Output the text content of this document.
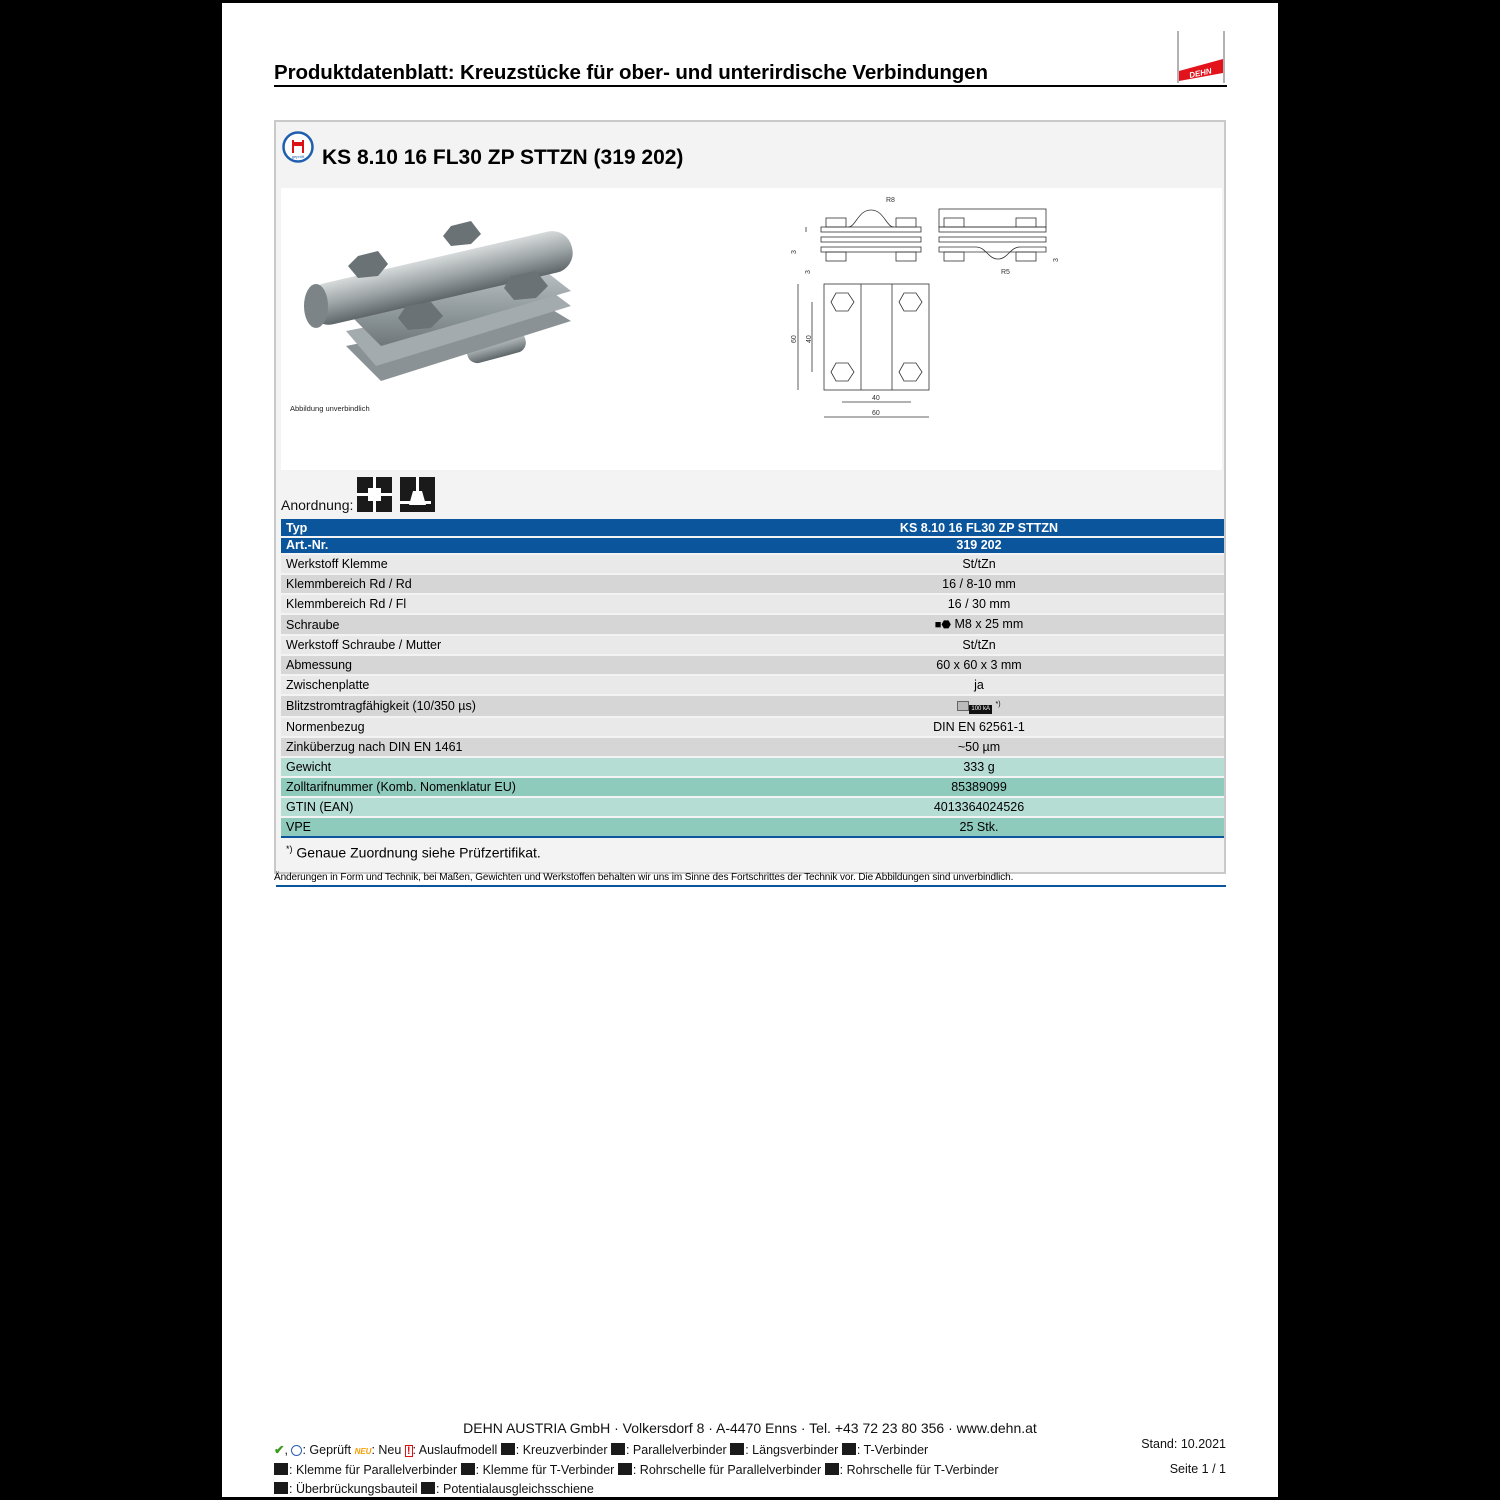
Produktdatenblatt: Kreuzstücke für ober- und unterirdische Verbindungen	DEHN
geprüft KS 8.10 16 FL30 ZP STTZN (319 202)
Abbildung unverbindlich
R8
3
3	R5
3
60 40
40
60
Anordnung:
Typ	KS 8.10 16 FL30 ZP STTZN
Art.-Nr.	319 202
Werkstoff Klemme	St/tZn
Klemmbereich Rd / Rd	16 / 8-10 mm
Klemmbereich Rd / Fl	16 / 30 mm
Schraube	■⬣ M8 x 25 mm
Werkstoff Schraube / Mutter	St/tZn
Abmessung	60 x 60 x 3 mm
Zwischenplatte	ja
Blitzstromtragfähigkeit (10/350 µs)	100 kA *)
Normenbezug	DIN EN 62561-1
Zinküberzug nach DIN EN 1461	~50 µm
Gewicht	333 g
Zolltarifnummer (Komb. Nomenklatur EU)	85389099
GTIN (EAN)	4013364024526
VPE	25 Stk.
*) Genaue Zuordnung siehe Prüfzertifikat.
Änderungen in Form und Technik, bei Maßen, Gewichten und Werkstoffen behalten wir uns im Sinne des Fortschrittes der Technik vor. Die Abbildungen sind unverbindlich.
DEHN AUSTRIA GmbH · Volkersdorf 8 · A-4470 Enns · Tel. +43 72 23 80 356 · www.dehn.at
✔, : Geprüft NEU: Neu ! : Auslaufmodell : Kreuzverbinder : Parallelverbinder : Längsverbinder : T-Verbinder
: Klemme für Parallelverbinder : Klemme für T-Verbinder : Rohrschelle für Parallelverbinder : Rohrschelle für T-Verbinder
: Überbrückungsbauteil : Potentialausgleichsschiene
Stand: 10.2021
Seite 1 / 1
